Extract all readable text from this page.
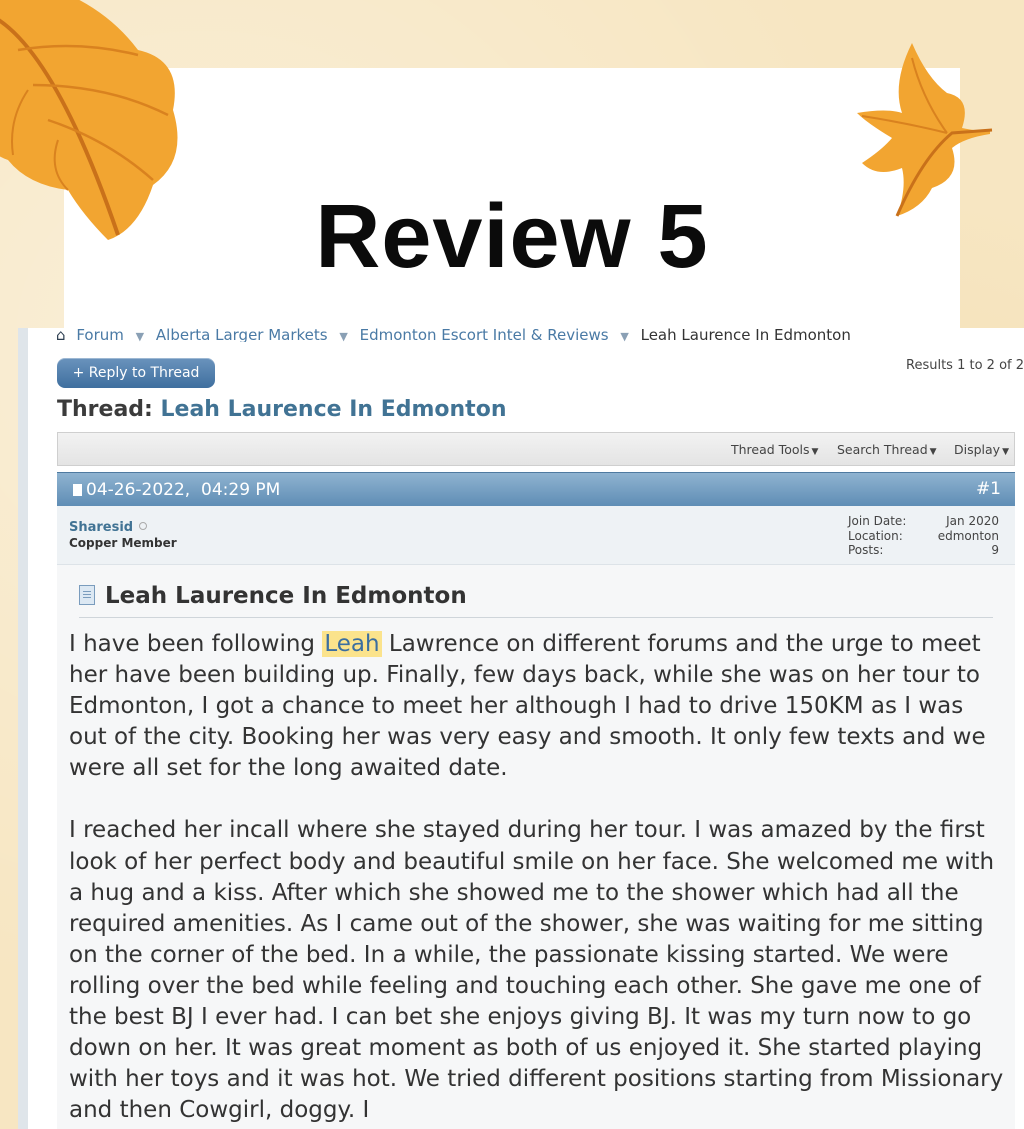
Review 5
⌂ Forum ▼ Alberta Larger Markets ▼ Edmonton Escort Intel & Reviews ▼ Leah Laurence In Edmonton
+ Reply to Thread	Results 1 to 2 of 2
Thread: Leah Laurence In Edmonton
Thread Tools ▼ Search Thread ▼ Display ▼
04-26-2022, 04:29 PM	#1
Sharesid
Copper Member
Join Date:
Location:
Posts:
Jan 2020
edmonton
9
Leah Laurence In Edmonton

I have been following Leah Lawrence on different forums and the urge to meet her have been building up. Finally, few days back, while she was on her tour to Edmonton, I got a chance to meet her although I had to drive 150KM as I was out of the city. Booking her was very easy and smooth. It only few texts and we were all set for the long awaited date.

I reached her incall where she stayed during her tour. I was amazed by the first look of her perfect body and beautiful smile on her face. She welcomed me with a hug and a kiss. After which she showed me to the shower which had all the required amenities. As I came out of the shower, she was waiting for me sitting on the corner of the bed. In a while, the passionate kissing started. We were rolling over the bed while feeling and touching each other. She gave me one of the best BJ I ever had. I can bet she enjoys giving BJ. It was my turn now to go down on her. It was great moment as both of us enjoyed it. She started playing with her toys and it was hot. We tried different positions starting from Missionary and then Cowgirl, doggy. I
